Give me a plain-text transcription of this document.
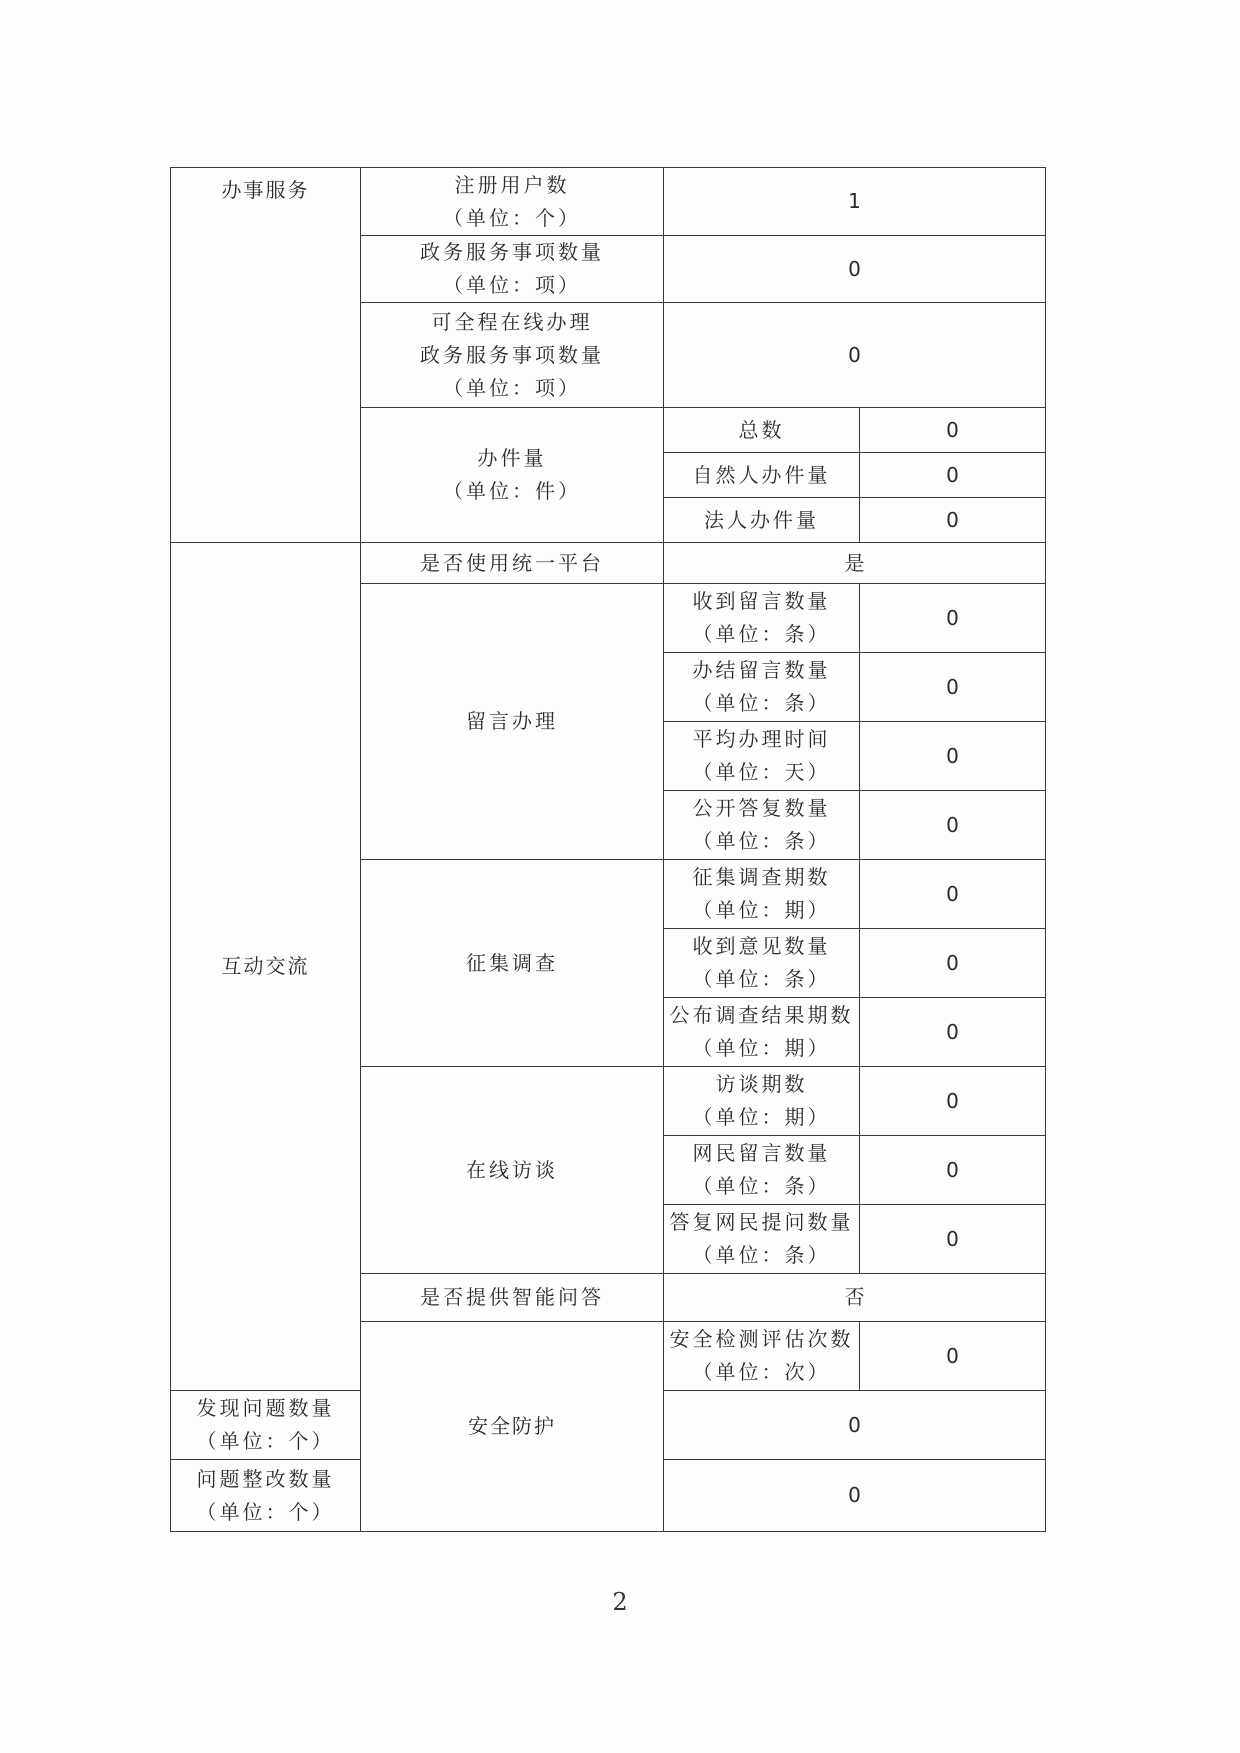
办事服务	注册用户数
（单位：个）	1	

	政务服务事项数量
（单位：项）	0	

	可全程在线办理
政务服务事项数量
（单位：项）	0	

	办件量
（单位：件）	总数	0
		自然人办件量	0
		法人办件量	0

互动交流	是否使用统一平台	是	
	留言办理	收到留言数量
（单位：条）	0

		办结留言数量
（单位：条）	0

		平均办理时间
（单位：天）	0

		公开答复数量
（单位：条）	0
	征集调查	征集调查期数
（单位：期）	0

		收到意见数量
（单位：条）	0

		公布调查结果期数
（单位：期）	0
	在线访谈	访谈期数
（单位：期）	0

		网民留言数量
（单位：条）	0

		答复网民提问数量
（单位：条）	0
	是否提供智能问答	否	
	安全防护	安全检测评估次数
（单位：次）	0

发现问题数量
（单位：个）		0	

问题整改数量
（单位：个）		0	
2
